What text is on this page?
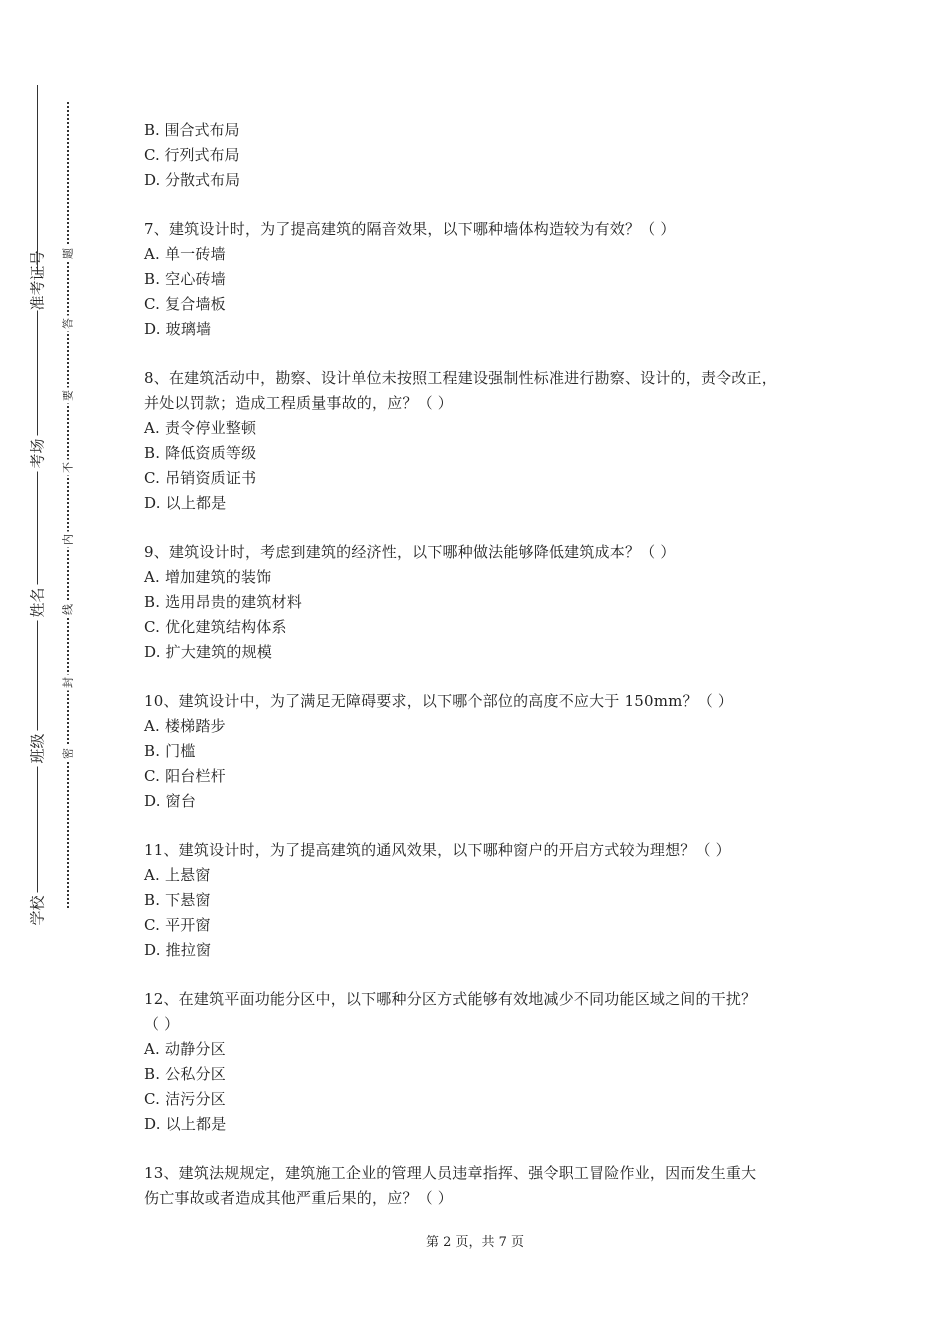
准考证号
考场
姓名
班级
学校
题
答
要
不
内
线
封
密
B. 围合式布局
C. 行列式布局
D. 分散式布局
7、建筑设计时，为了提高建筑的隔音效果，以下哪种墙体构造较为有效？（ ）
A. 单一砖墙
B. 空心砖墙
C. 复合墙板
D. 玻璃墙
8、在建筑活动中，勘察、设计单位未按照工程建设强制性标准进行勘察、设计的，责令改正，
并处以罚款；造成工程质量事故的，应？（ ）
A. 责令停业整顿
B. 降低资质等级
C. 吊销资质证书
D. 以上都是
9、建筑设计时，考虑到建筑的经济性，以下哪种做法能够降低建筑成本？（ ）
A. 增加建筑的装饰
B. 选用昂贵的建筑材料
C. 优化建筑结构体系
D. 扩大建筑的规模
10、建筑设计中，为了满足无障碍要求，以下哪个部位的高度不应大于 150mm？（ ）
A. 楼梯踏步
B. 门槛
C. 阳台栏杆
D. 窗台
11、建筑设计时，为了提高建筑的通风效果，以下哪种窗户的开启方式较为理想？（ ）
A. 上悬窗
B. 下悬窗
C. 平开窗
D. 推拉窗
12、在建筑平面功能分区中，以下哪种分区方式能够有效地减少不同功能区域之间的干扰？
（ ）
A. 动静分区
B. 公私分区
C. 洁污分区
D. 以上都是
13、建筑法规规定，建筑施工企业的管理人员违章指挥、强令职工冒险作业，因而发生重大
伤亡事故或者造成其他严重后果的，应？（ ）
第 2 页，共 7 页
